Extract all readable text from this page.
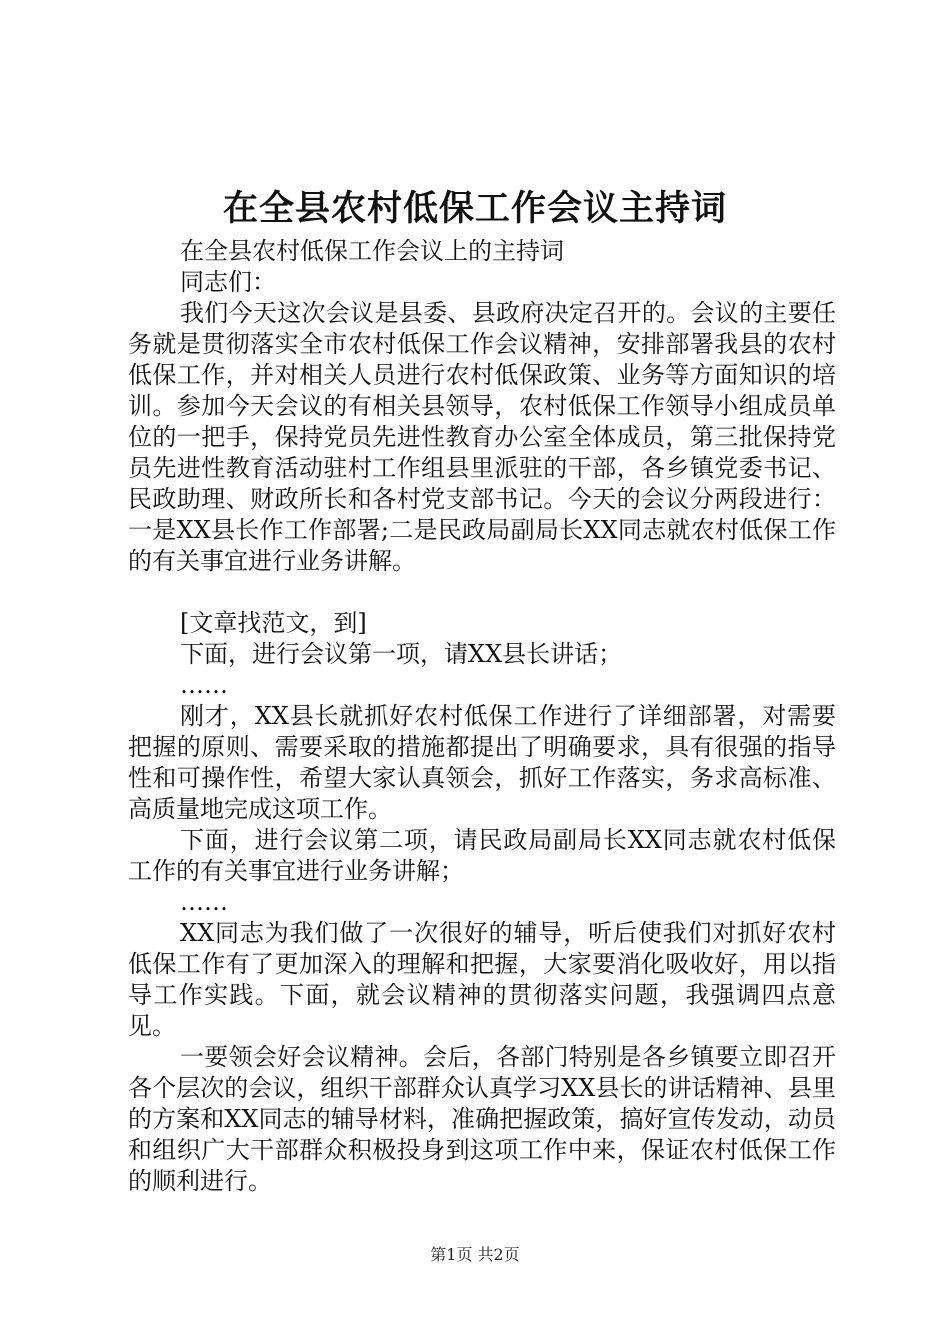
在全县农村低保工作会议主持词

在全县农村低保工作会议上的主持词

同志们：

我们今天这次会议是县委、县政府决定召开的。会议的主要任务就是贯彻落实全市农村低保工作会议精神，安排部署我县的农村低保工作，并对相关人员进行农村低保政策、业务等方面知识的培训。参加今天会议的有相关县领导，农村低保工作领导小组成员单位的一把手，保持党员先进性教育办公室全体成员，第三批保持党员先进性教育活动驻村工作组县里派驻的干部，各乡镇党委书记、民政助理、财政所长和各村党支部书记。今天的会议分两段进行：一是XX县长作工作部署;二是民政局副局长XX同志就农村低保工作的有关事宜进行业务讲解。

[文章找范文，到]

下面，进行会议第一项，请XX县长讲话；

……

刚才，XX县长就抓好农村低保工作进行了详细部署，对需要把握的原则、需要采取的措施都提出了明确要求，具有很强的指导性和可操作性，希望大家认真领会，抓好工作落实，务求高标准、高质量地完成这项工作。

下面，进行会议第二项，请民政局副局长XX同志就农村低保工作的有关事宜进行业务讲解；

……

XX同志为我们做了一次很好的辅导，听后使我们对抓好农村低保工作有了更加深入的理解和把握，大家要消化吸收好，用以指导工作实践。下面，就会议精神的贯彻落实问题，我强调四点意见。

一要领会好会议精神。会后，各部门特别是各乡镇要立即召开各个层次的会议，组织干部群众认真学习XX县长的讲话精神、县里的方案和XX同志的辅导材料，准确把握政策，搞好宣传发动，动员和组织广大干部群众积极投身到这项工作中来，保证农村低保工作的顺利进行。

第1页 共2页
